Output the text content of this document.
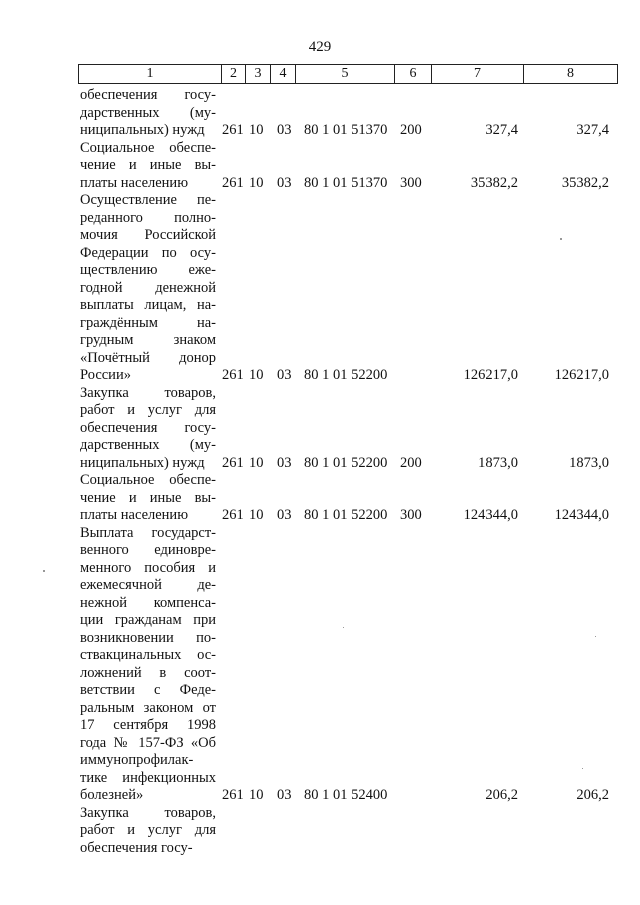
429
1	2	3	4	5	6	7	8
обеспечения госу-
дарственных (му-
ниципальных) нужд	261 10 03 80 1 01 51370 200	327,4	327,4
Социальное обеспе-
чение и иные вы-
платы населению	261 10 03 80 1 01 51370 300	35382,2	35382,2
Осуществление пе-
реданного полно-
мочия Российской
Федерации по осу-
ществлению еже-
годной денежной
выплаты лицам, на-
граждённым на-
грудным знаком
«Почётный донор
России»	261 10 03 80 1 01 52200	126217,0	126217,0
Закупка товаров,
работ и услуг для
обеспечения госу-
дарственных (му-
ниципальных) нужд	261 10 03 80 1 01 52200 200	1873,0	1873,0
Социальное обеспе-
чение и иные вы-
платы населению	261 10 03 80 1 01 52200 300	124344,0	124344,0
Выплата государст-
венного единовре-
менного пособия и
ежемесячной де-
нежной компенса-
ции гражданам при
возникновении по-
ствакцинальных ос-
ложнений в соот-
ветствии с Феде-
ральным законом от
17 сентября 1998
года № 157-ФЗ «Об
иммунопрофилак-
тике инфекционных
болезней»	261 10 03 80 1 01 52400	206,2	206,2
Закупка товаров,
работ и услуг для
обеспечения госу-
